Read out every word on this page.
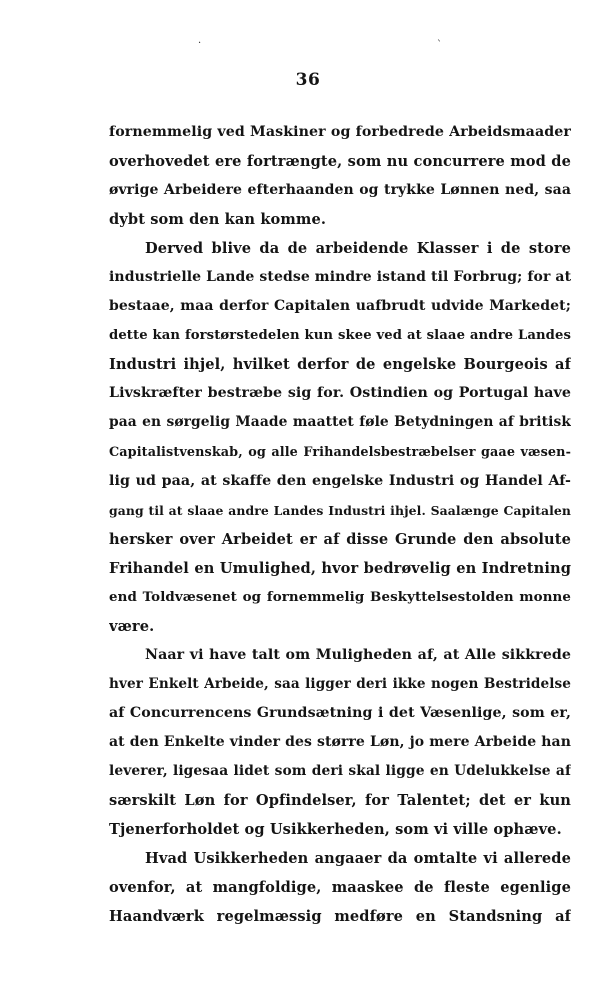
·	`
36
fornemmelig ved Maskiner og forbedrede Arbeidsmaader
overhovedet ere fortrængte, som nu concurrere mod de
øvrige Arbeidere efterhaanden og trykke Lønnen ned, saa
dybt som den kan komme.
Derved blive da de arbeidende Klasser i de store
industrielle Lande stedse mindre istand til Forbrug; for at
bestaae, maa derfor Capitalen uafbrudt udvide Markedet;
dette kan forstørstedelen kun skee ved at slaae andre Landes
Industri ihjel, hvilket derfor de engelske Bourgeois af
Livskræfter bestræbe sig for. Ostindien og Portugal have
paa en sørgelig Maade maattet føle Betydningen af britisk
Capitalistvenskab, og alle Frihandelsbestræbelser gaae væsen-
lig ud paa, at skaffe den engelske Industri og Handel Af-
gang til at slaae andre Landes Industri ihjel. Saalænge Capitalen
hersker over Arbeidet er af disse Grunde den absolute
Frihandel en Umulighed, hvor bedrøvelig en Indretning
end Toldvæsenet og fornemmelig Beskyttelsestolden monne
være.
Naar vi have talt om Muligheden af, at Alle sikkrede
hver Enkelt Arbeide, saa ligger deri ikke nogen Bestridelse
af Concurrencens Grundsætning i det Væsenlige, som er,
at den Enkelte vinder des større Løn, jo mere Arbeide han
leverer, ligesaa lidet som deri skal ligge en Udelukkelse af
særskilt Løn for Opfindelser, for Talentet; det er kun
Tjenerforholdet og Usikkerheden, som vi ville ophæve.
Hvad Usikkerheden angaaer da omtalte vi allerede
ovenfor, at mangfoldige, maaskee de fleste egenlige
Haandværk regelmæssig medføre en Standsning af
